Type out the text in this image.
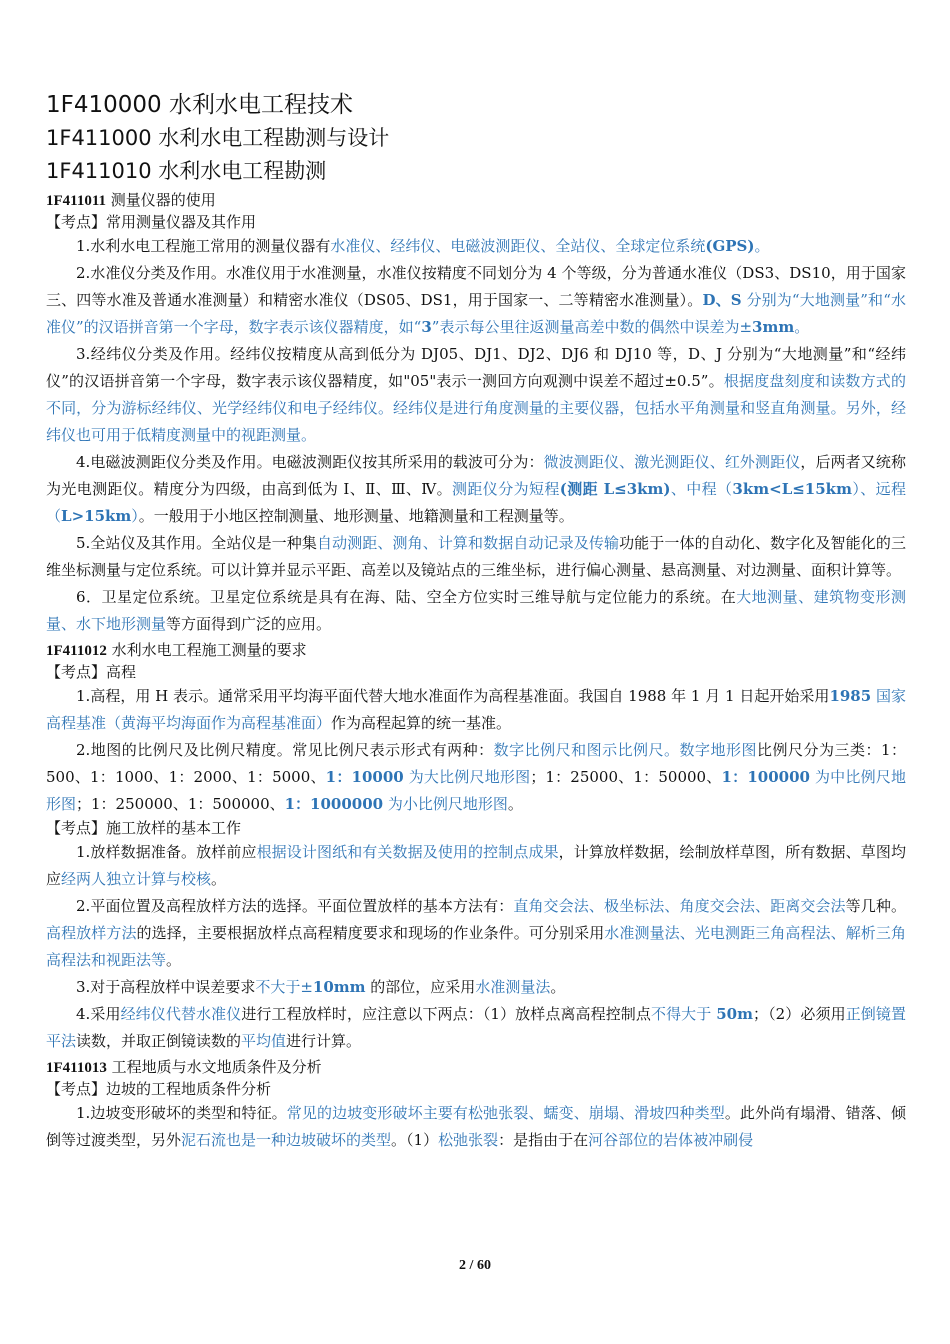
1F410000 水利水电工程技术
1F411000 水利水电工程勘测与设计
1F411010 水利水电工程勘测
1F411011 测量仪器的使用
【考点】常用测量仪器及其作用

1.水利水电工程施工常用的测量仪器有水准仪、经纬仪、电磁波测距仪、全站仪、全球定位系统(GPS)。

2.水准仪分类及作用。水准仪用于水准测量，水准仪按精度不同划分为 4 个等级，分为普通水准仪（DS3、DS10，用于国家三、四等水准及普通水准测量）和精密水准仪（DS05、DS1，用于国家一、二等精密水准测量）。D、S 分别为“大地测量”和“水准仪”的汉语拼音第一个字母，数字表示该仪器精度，如“3”表示每公里往返测量高差中数的偶然中误差为±3mm。

3.经纬仪分类及作用。经纬仪按精度从高到低分为 DJ05、DJ1、DJ2、DJ6 和 DJ10 等，D、J 分别为“大地测量”和“经纬仪”的汉语拼音第一个字母，数字表示该仪器精度，如"05"表示一测回方向观测中误差不超过±0.5”。根据度盘刻度和读数方式的不同，分为游标经纬仪、光学经纬仪和电子经纬仪。经纬仪是进行角度测量的主要仪器，包括水平角测量和竖直角测量。另外，经纬仪也可用于低精度测量中的视距测量。

4.电磁波测距仪分类及作用。电磁波测距仪按其所采用的载波可分为：微波测距仪、激光测距仪、红外测距仪，后两者又统称为光电测距仪。精度分为四级，由高到低为 Ⅰ、Ⅱ、Ⅲ、Ⅳ。测距仪分为短程(测距 L≤3km)、中程（3km<L≤15km）、远程（L>15km）。一般用于小地区控制测量、地形测量、地籍测量和工程测量等。

5.全站仪及其作用。全站仪是一种集自动测距、测角、计算和数据自动记录及传输功能于一体的自动化、数字化及智能化的三维坐标测量与定位系统。可以计算并显示平距、高差以及镜站点的三维坐标，进行偏心测量、悬高测量、对边测量、面积计算等。

6．卫星定位系统。卫星定位系统是具有在海、陆、空全方位实时三维导航与定位能力的系统。在大地测量、建筑物变形测量、水下地形测量等方面得到广泛的应用。

1F411012 水利水电工程施工测量的要求
【考点】高程

1.高程，用 H 表示。通常采用平均海平面代替大地水准面作为高程基准面。我国自 1988 年 1 月 1 日起开始采用1985 国家高程基准（黄海平均海面作为高程基准面）作为高程起算的统一基准。

2.地图的比例尺及比例尺精度。常见比例尺表示形式有两种：数字比例尺和图示比例尺。数字地形图比例尺分为三类：1：500、1：1000、1：2000、1：5000、1：10000 为大比例尺地形图；1：25000、1：50000、1：100000 为中比例尺地形图；1：250000、1：500000、1：1000000 为小比例尺地形图。

【考点】施工放样的基本工作

1.放样数据准备。放样前应根据设计图纸和有关数据及使用的控制点成果，计算放样数据，绘制放样草图，所有数据、草图均应经两人独立计算与校核。

2.平面位置及高程放样方法的选择。平面位置放样的基本方法有：直角交会法、极坐标法、角度交会法、距离交会法等几种。高程放样方法的选择，主要根据放样点高程精度要求和现场的作业条件。可分别采用水准测量法、光电测距三角高程法、解析三角高程法和视距法等。

3.对于高程放样中误差要求不大于±10mm 的部位，应采用水准测量法。

4.采用经纬仪代替水准仪进行工程放样时，应注意以下两点：（1）放样点离高程控制点不得大于 50m；（2）必须用正倒镜置平法读数，并取正倒镜读数的平均值进行计算。

1F411013 工程地质与水文地质条件及分析
【考点】边坡的工程地质条件分析

1.边坡变形破坏的类型和特征。常见的边坡变形破坏主要有松弛张裂、蠕变、崩塌、滑坡四种类型。此外尚有塌滑、错落、倾倒等过渡类型，另外泥石流也是一种边坡破坏的类型。（1）松弛张裂：是指由于在河谷部位的岩体被冲刷侵

2 / 60
